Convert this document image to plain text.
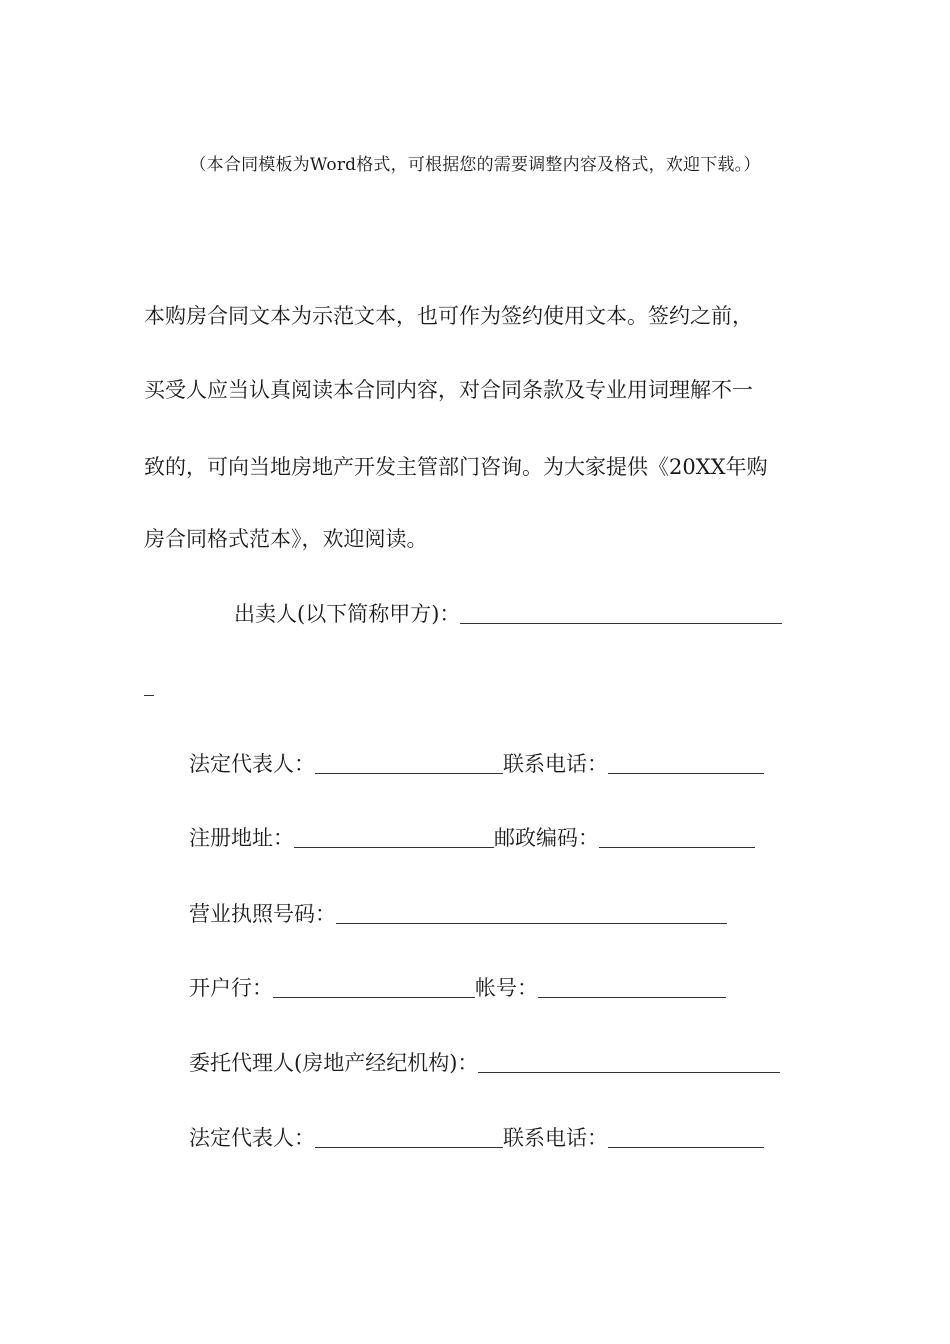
（本合同模板为Word格式，可根据您的需要调整内容及格式，欢迎下载。）
本购房合同文本为示范文本，也可作为签约使用文本。签约之前，
买受人应当认真阅读本合同内容，对合同条款及专业用词理解不一
致的，可向当地房地产开发主管部门咨询。为大家提供《20XX年购
房合同格式范本》，欢迎阅读。
出卖人(以下简称甲方)：
法定代表人：	联系电话：
注册地址：	邮政编码：
营业执照号码：
开户行：	帐号：
委托代理人(房地产经纪机构)：
法定代表人：	联系电话：
